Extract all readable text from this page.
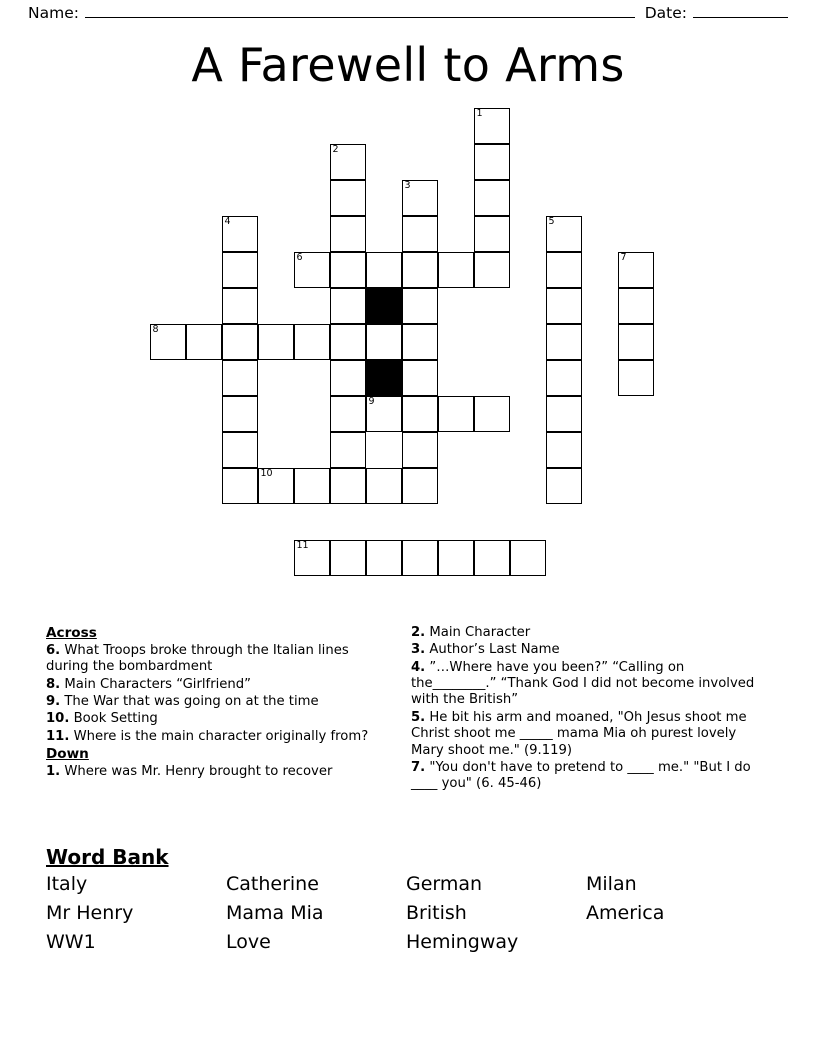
Name:	Date:
A Farewell to Arms
1
2
3
4	5
6	7
8
9
10
11
Across
6. What Troops broke through the Italian lines during the bombardment
8. Main Characters “Girlfriend”
9. The War that was going on at the time
10. Book Setting
11. Where is the main character originally from?
Down
1. Where was Mr. Henry brought to recover
2. Main Character
3. Author’s Last Name
4. ”…Where have you been?” “Calling on the________.” “Thank God I did not become involved with the British”
5. He bit his arm and moaned, "Oh Jesus shoot me Christ shoot me _____ mama Mia oh purest lovely Mary shoot me." (9.119)
7. "You don't have to pretend to ____ me." "But I do ____ you" (6. 45-46)
Word Bank
Italy	Catherine	German	Milan
Mr Henry	Mama Mia	British	America
WW1	Love	Hemingway
